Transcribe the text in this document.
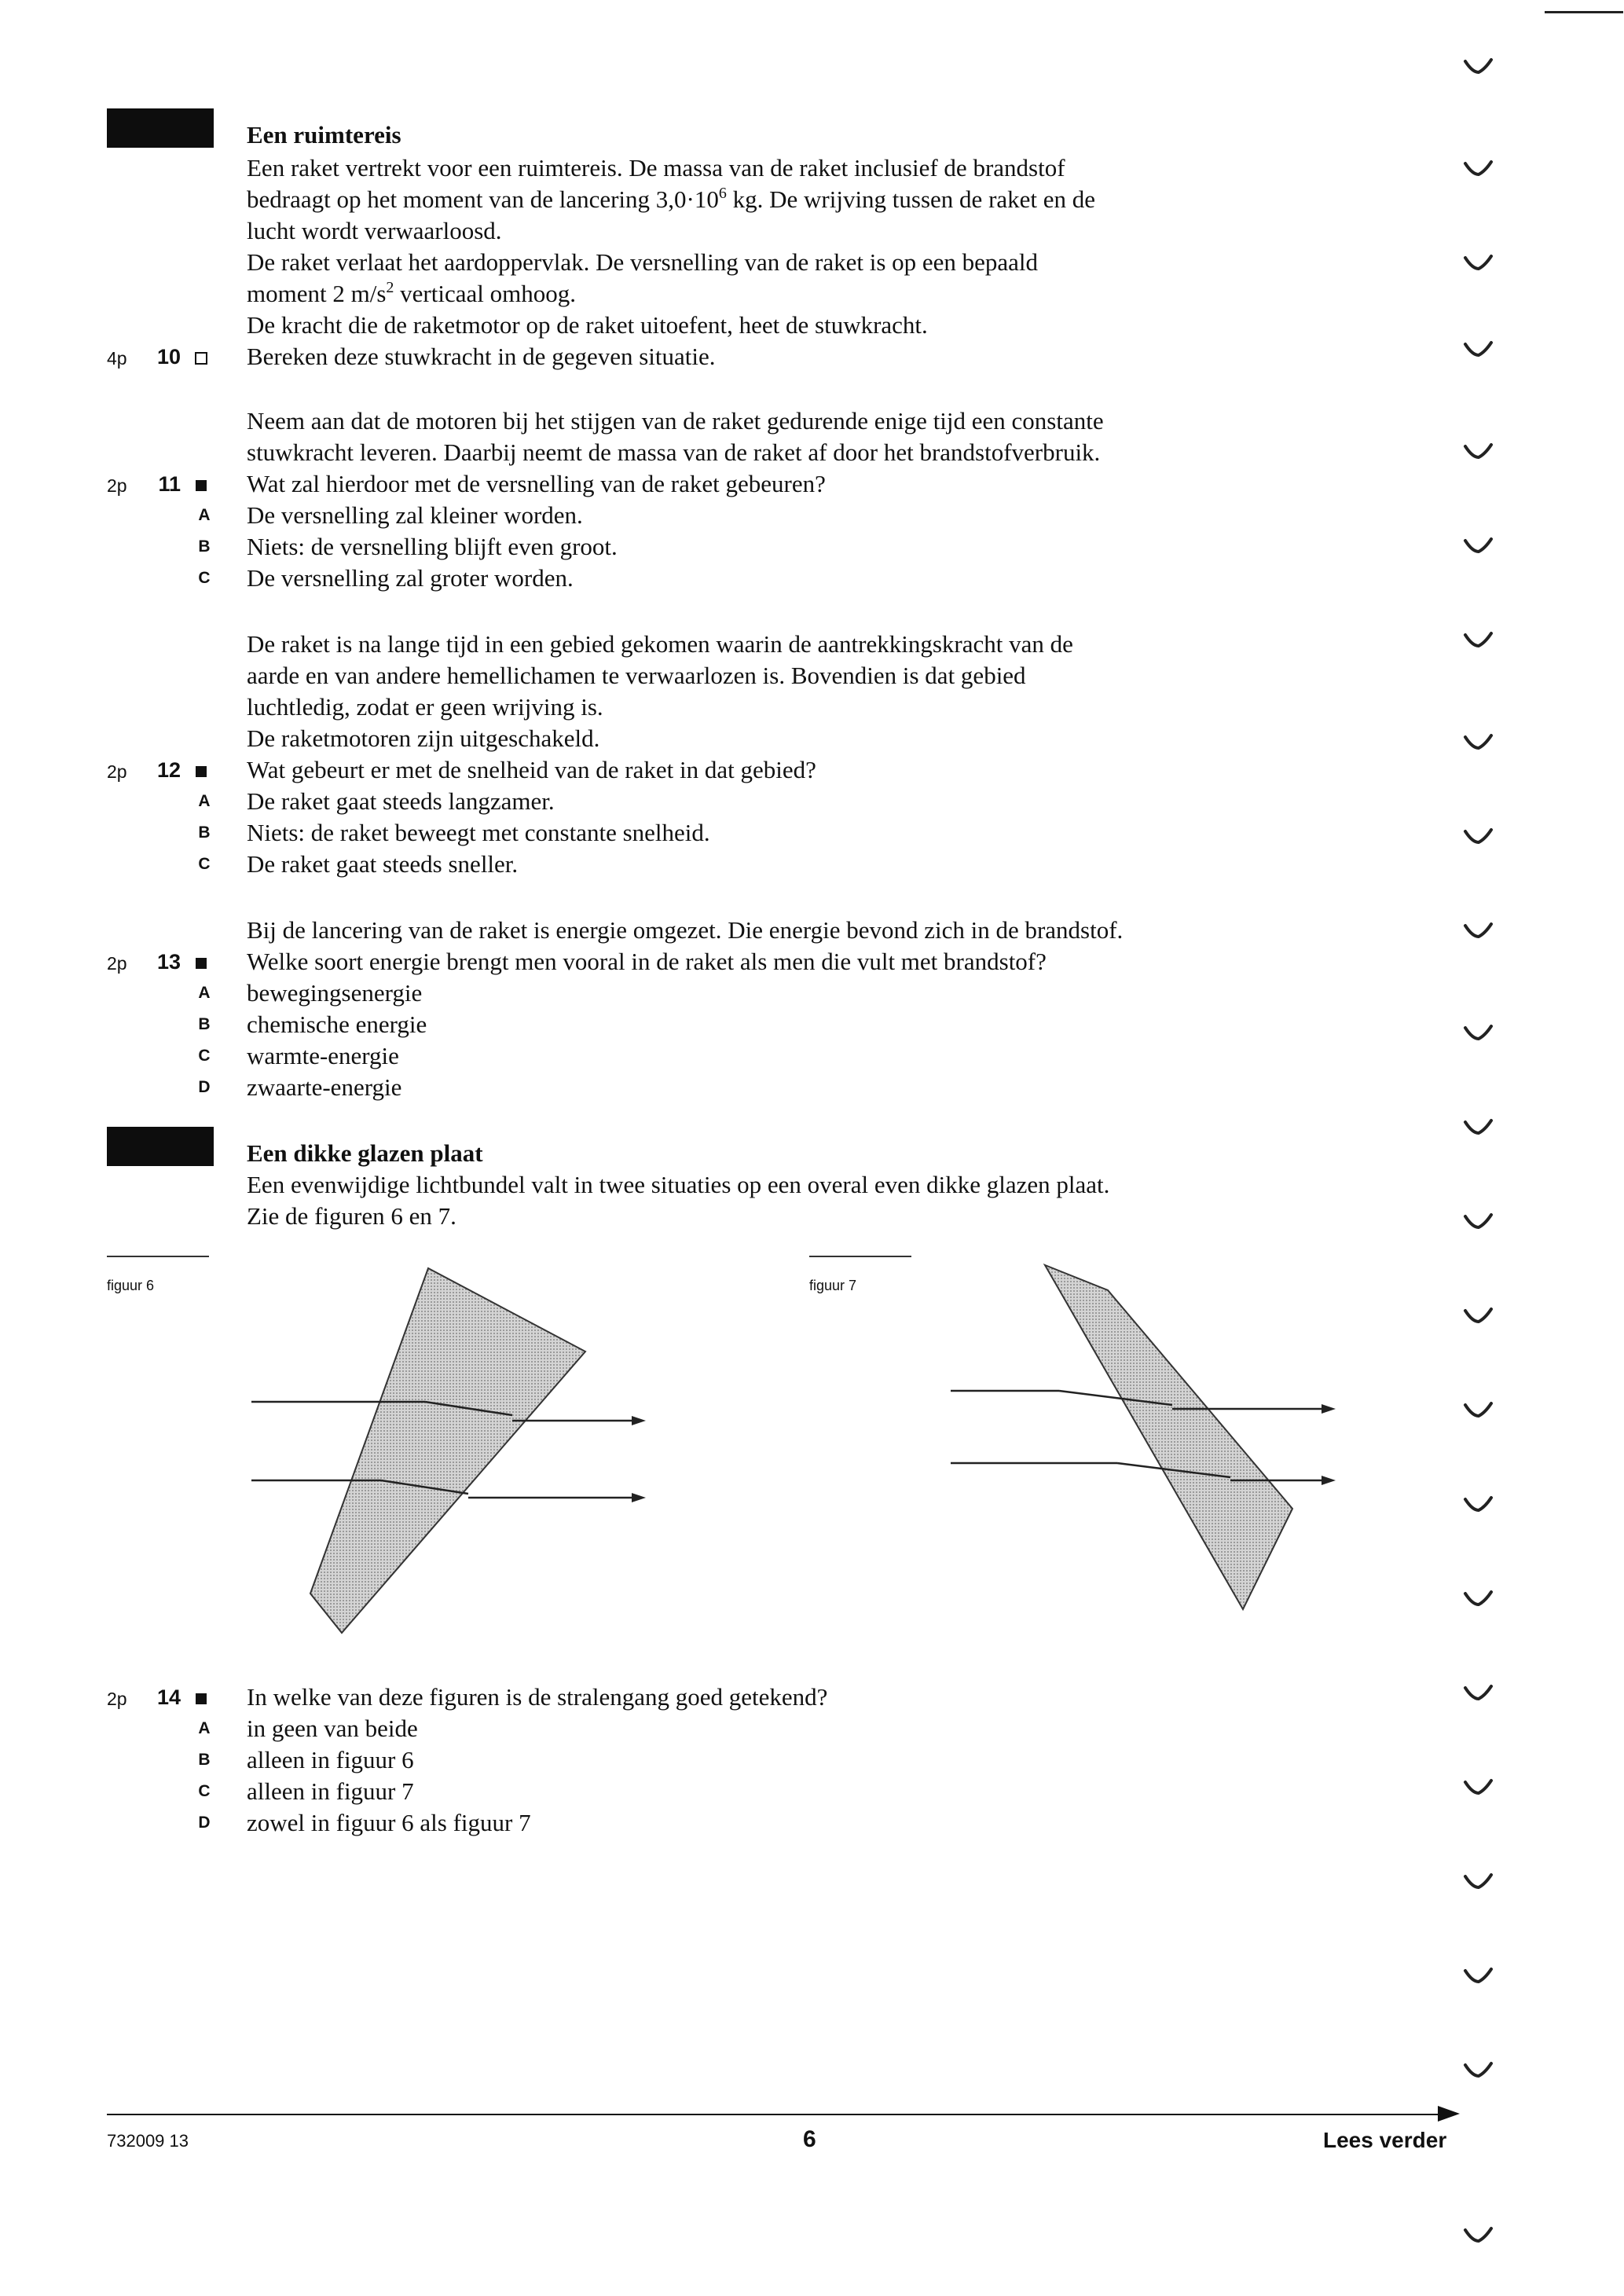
Een ruimtereis
Een raket vertrekt voor een ruimtereis. De massa van de raket inclusief de brandstof
bedraagt op het moment van de lancering $3,0\cdot 10^6$ kg. De wrijving tussen de raket en de
lucht wordt verwaarloosd.
De raket verlaat het aardoppervlak. De versnelling van de raket is op een bepaald
moment 2 $m/s^2$ verticaal omhoog.
De kracht die de raketmotor op de raket uitoefent, heet de stuwkracht.
4p	10	Bereken deze stuwkracht in de gegeven situatie.
Neem aan dat de motoren bij het stijgen van de raket gedurende enige tijd een constante
stuwkracht leveren. Daarbij neemt de massa van de raket af door het brandstofverbruik.
2p	11	Wat zal hierdoor met de versnelling van de raket gebeuren?
A De versnelling zal kleiner worden.
B Niets: de versnelling blijft even groot.
C De versnelling zal groter worden.
De raket is na lange tijd in een gebied gekomen waarin de aantrekkingskracht van de
aarde en van andere hemellichamen te verwaarlozen is. Bovendien is dat gebied
luchtledig, zodat er geen wrijving is.
De raketmotoren zijn uitgeschakeld.
2p	12	Wat gebeurt er met de snelheid van de raket in dat gebied?
A De raket gaat steeds langzamer.
B Niets: de raket beweegt met constante snelheid.
C De raket gaat steeds sneller.
Bij de lancering van de raket is energie omgezet. Die energie bevond zich in de brandstof.
2p	13	Welke soort energie brengt men vooral in de raket als men die vult met brandstof?
A bewegingsenergie
B chemische energie
C warmte-energie
D zwaarte-energie
Een dikke glazen plaat
Een evenwijdige lichtbundel valt in twee situaties op een overal even dikke glazen plaat.
Zie de figuren 6 en 7.
figuur 6	figuur 7
2p	14	In welke van deze figuren is de stralengang goed getekend?
A in geen van beide
B alleen in figuur 6
C alleen in figuur 7
D zowel in figuur 6 als figuur 7
732009 13	6	Lees verder
